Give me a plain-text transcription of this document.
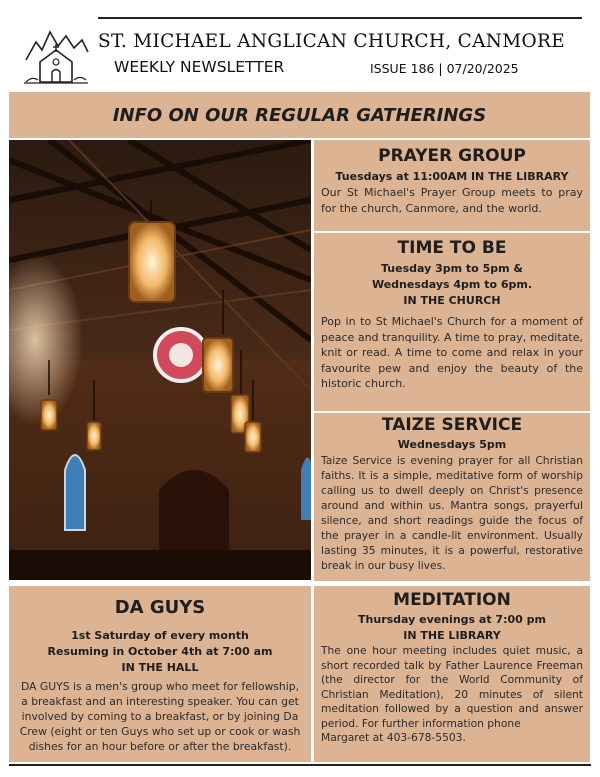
ST. MICHAEL ANGLICAN CHURCH, CANMORE
WEEKLY NEWSLETTER	ISSUE 186 | 07/20/2025
INFO ON OUR REGULAR GATHERINGS
PRAYER GROUP
Tuesdays at 11:00AM IN THE LIBRARY

Our St Michael's Prayer Group meets to pray for the church, Canmore, and the world.

TIME TO BE
Tuesday 3pm to 5pm &
Wednesdays 4pm to 6pm.
IN THE CHURCH

Pop in to St Michael's Church for a moment of peace and tranquility. A time to pray, meditate, knit or read. A time to come and relax in your favourite pew and enjoy the beauty of the historic church.

TAIZE SERVICE
Wednesdays 5pm

Taize Service is evening prayer for all Christian faiths. It is a simple, meditative form of worship calling us to dwell deeply on Christ's presence around and within us. Mantra songs, prayerful silence, and short readings guide the focus of the prayer in a candle-lit environment. Usually lasting 35 minutes, it is a powerful, restorative break in our busy lives.

DA GUYS
1st Saturday of every month
Resuming in October 4th at 7:00 am
IN THE HALL

DA GUYS is a men's group who meet for fellowship, a breakfast and an interesting speaker. You can get involved by coming to a breakfast, or by joining Da Crew (eight or ten Guys who set up or cook or wash dishes for an hour before or after the breakfast).

MEDITATION
Thursday evenings at 7:00 pm
IN THE LIBRARY

The one hour meeting includes quiet music, a short recorded talk by Father Laurence Freeman (the director for the World Community of Christian Meditation), 20 minutes of silent meditation followed by a question and answer period. For further information phone

Margaret at 403-678-5503.
